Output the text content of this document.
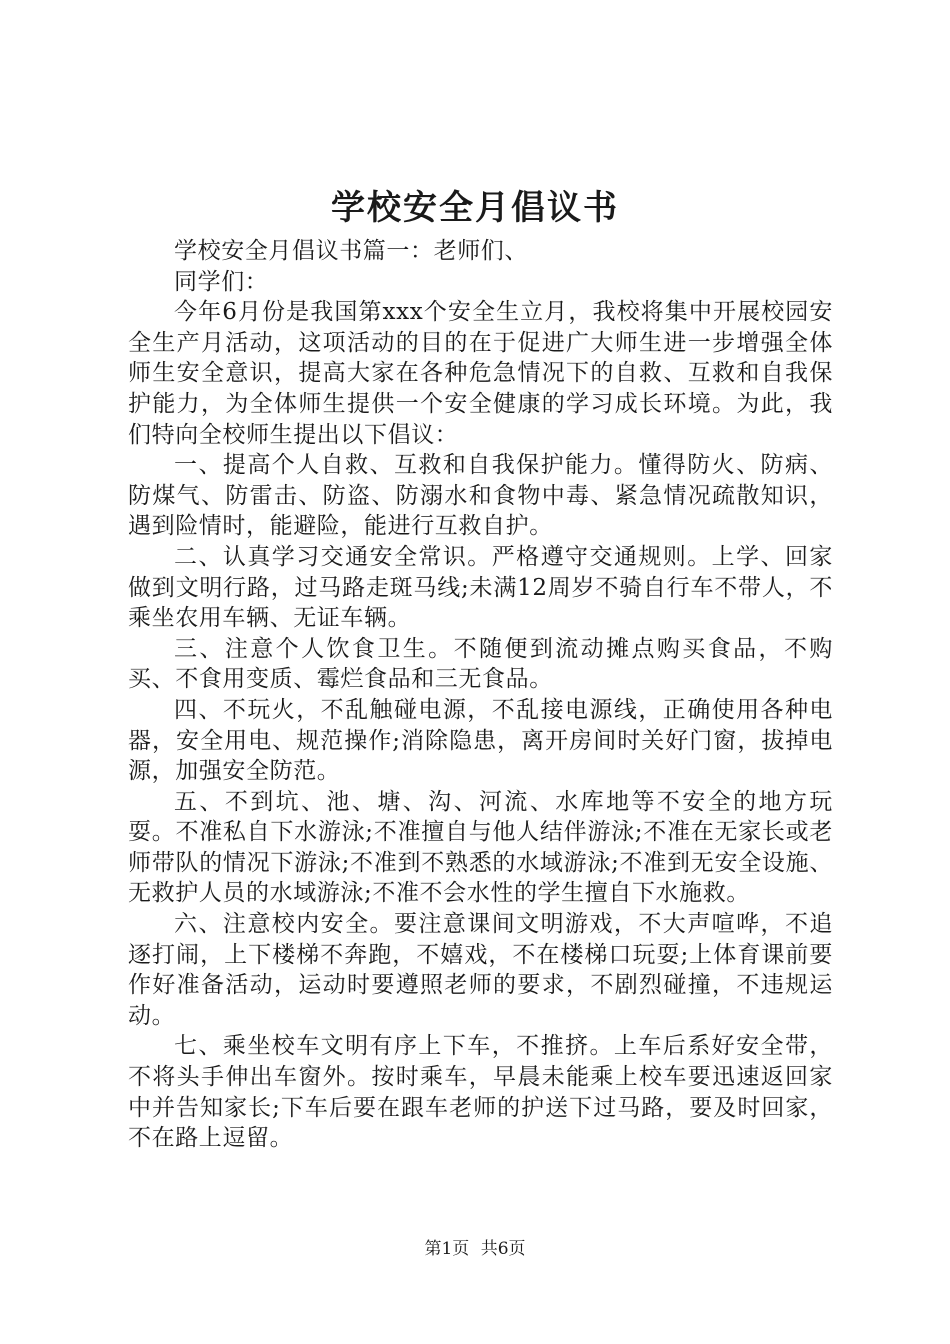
学校安全月倡议书

学校安全月倡议书篇一：老师们、

同学们：

今年6月份是我国第xxx个安全生立月，我校将集中开展校园安全生产月活动，这项活动的目的在于促进广大师生进一步增强全体师生安全意识，提高大家在各种危急情况下的自救、互救和自我保护能力，为全体师生提供一个安全健康的学习成长环境。为此，我们特向全校师生提出以下倡议：

一、提高个人自救、互救和自我保护能力。懂得防火、防病、防煤气、防雷击、防盗、防溺水和食物中毒、紧急情况疏散知识，遇到险情时，能避险，能进行互救自护。

二、认真学习交通安全常识。严格遵守交通规则。上学、回家做到文明行路，过马路走斑马线;未满12周岁不骑自行车不带人，不乘坐农用车辆、无证车辆。

三、注意个人饮食卫生。不随便到流动摊点购买食品，不购买、不食用变质、霉烂食品和三无食品。

四、不玩火，不乱触碰电源，不乱接电源线，正确使用各种电器，安全用电、规范操作;消除隐患，离开房间时关好门窗，拔掉电源，加强安全防范。

五、不到坑、池、塘、沟、河流、水库地等不安全的地方玩耍。不准私自下水游泳;不准擅自与他人结伴游泳;不准在无家长或老师带队的情况下游泳;不准到不熟悉的水域游泳;不准到无安全设施、无救护人员的水域游泳;不准不会水性的学生擅自下水施救。

六、注意校内安全。要注意课间文明游戏，不大声喧哗，不追逐打闹，上下楼梯不奔跑，不嬉戏，不在楼梯口玩耍;上体育课前要作好准备活动，运动时要遵照老师的要求，不剧烈碰撞，不违规运动。

七、乘坐校车文明有序上下车，不推挤。上车后系好安全带，不将头手伸出车窗外。按时乘车，早晨未能乘上校车要迅速返回家中并告知家长;下车后要在跟车老师的护送下过马路，要及时回家，不在路上逗留。

第1页 共6页
